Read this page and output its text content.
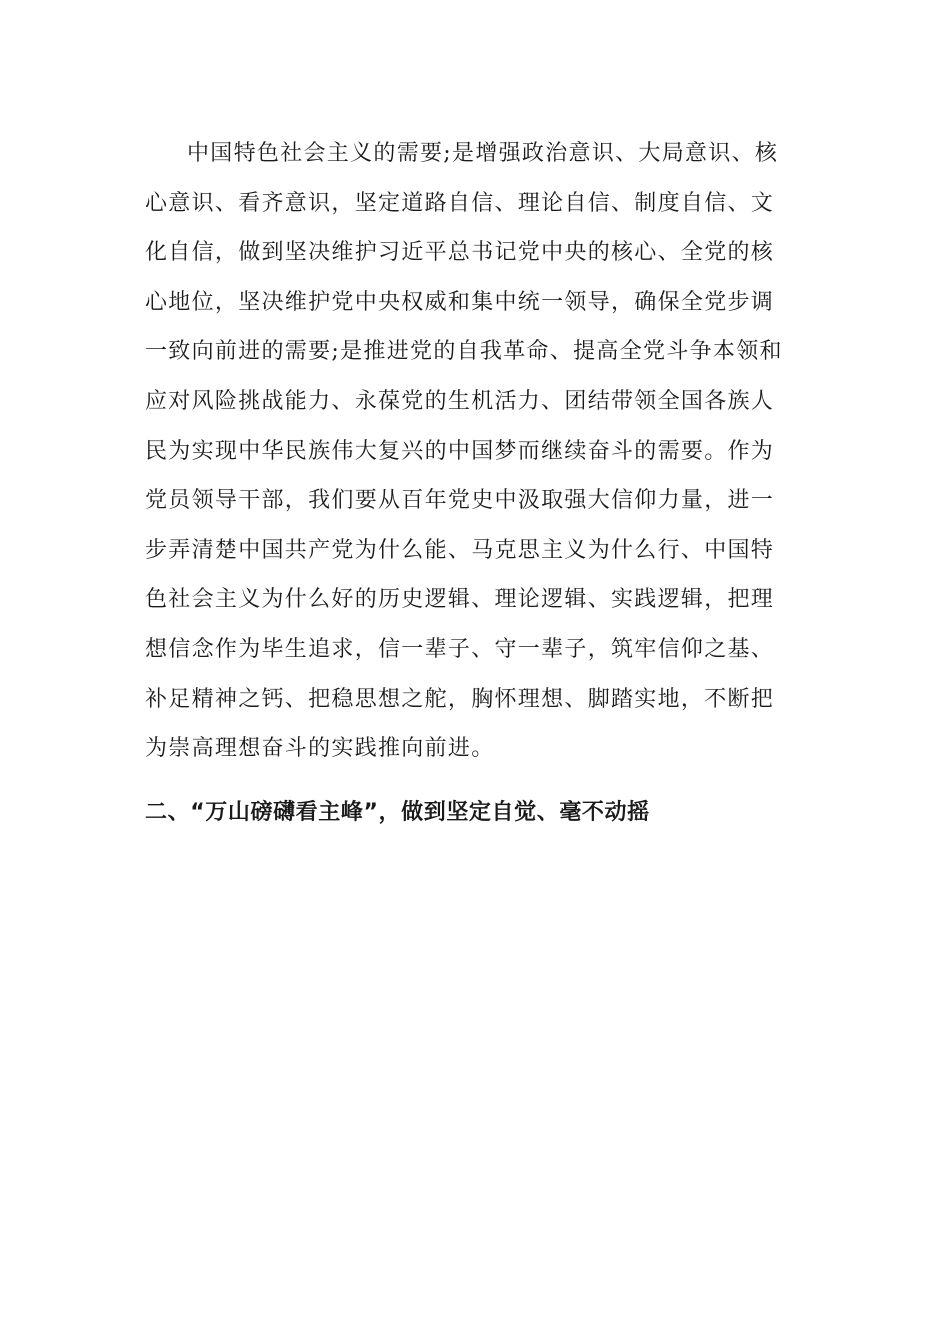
中国特色社会主义的需要;是增强政治意识、大局意识、核
心意识、看齐意识，坚定道路自信、理论自信、制度自信、文
化自信，做到坚决维护习近平总书记党中央的核心、全党的核
心地位，坚决维护党中央权威和集中统一领导，确保全党步调
一致向前进的需要;是推进党的自我革命、提高全党斗争本领和
应对风险挑战能力、永葆党的生机活力、团结带领全国各族人
民为实现中华民族伟大复兴的中国梦而继续奋斗的需要。作为
党员领导干部，我们要从百年党史中汲取强大信仰力量，进一
步弄清楚中国共产党为什么能、马克思主义为什么行、中国特
色社会主义为什么好的历史逻辑、理论逻辑、实践逻辑，把理
想信念作为毕生追求，信一辈子、守一辈子，筑牢信仰之基、
补足精神之钙、把稳思想之舵，胸怀理想、脚踏实地，不断把
为崇高理想奋斗的实践推向前进。

二、“万山磅礴看主峰”，做到坚定自觉、毫不动摇
